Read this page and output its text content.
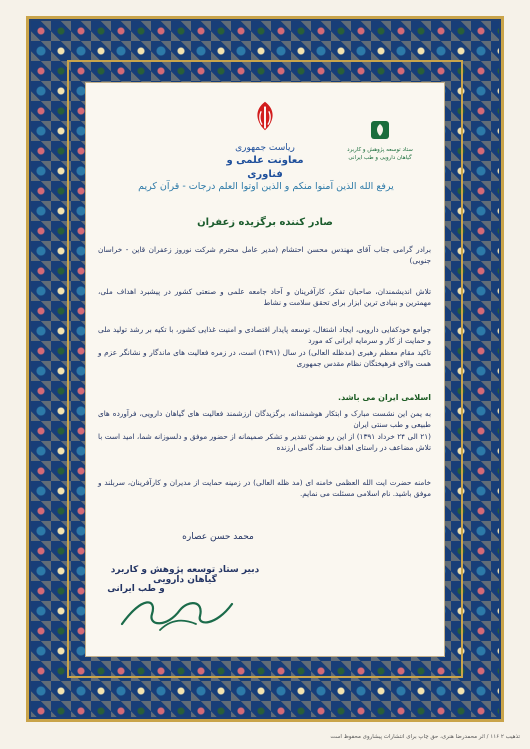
ریاست جمهوری
معاونت علمی و فناوری
ستاد توسعه پژوهش و کاربرد
گیاهان دارویی و طب ایرانی
یرفع الله الذین آمنوا منکم و الذین اوتوا العلم درجات - قرآن کریم
صادر کننده برگزیده زعفران
برادر گرامی جناب آقای مهندس محسن احتشام (مدیر عامل محترم شرکت نوروز زعفران قاین - خراسان جنوبی)
تلاش اندیشمندان، صاحبان تفکر، کارآفرینان و آحاد جامعه علمی و صنعتی کشور در پیشبرد اهداف ملی، مهمترین و بنیادی ترین ابزار برای تحقق سلامت و نشاط
جوامع خودکفایی دارویی، ایجاد اشتغال، توسعه پایدار اقتصادی و امنیت غذایی کشور، با تکیه بر رشد تولید ملی و حمایت از کار و سرمایه ایرانی که مورد
تاکید مقام معظم رهبری (مدظله العالی) در سال (۱۳۹۱) است، در زمره فعالیت های ماندگار و نشانگر عزم و همت والای فرهیختگان نظام مقدس جمهوری
اسلامی ایران می باشد.
به یمن این نشست مبارک و ابتکار هوشمندانه، برگزیدگان ارزشمند فعالیت های گیاهان دارویی، فرآورده های طبیعی و طب سنتی ایران
(۲۱ الی ۲۴ خرداد ۱۳۹۱) از این رو ضمن تقدیر و تشکر صمیمانه از حضور موفق و دلسوزانه شما، امید است با تلاش مضاعف در راستای اهداف ستاد، گامی ارزنده
خامنه حضرت ایت الله العظمی خامنه ای (مد ظله العالی) در زمینه حمایت از مدیران و کارآفرینان، سربلند و موفق باشید. نام اسلامی مسئلت می نمایم.
محمد حسن عصاره
دبیر ستاد توسعه پژوهش و کاربرد گیاهان دارویی
و طب ایرانی
تذهیب ۲ ۱۱۶ / اثر محمدرضا هنری، حق چاپ برای انتشارات پیشاروی محفوظ است
